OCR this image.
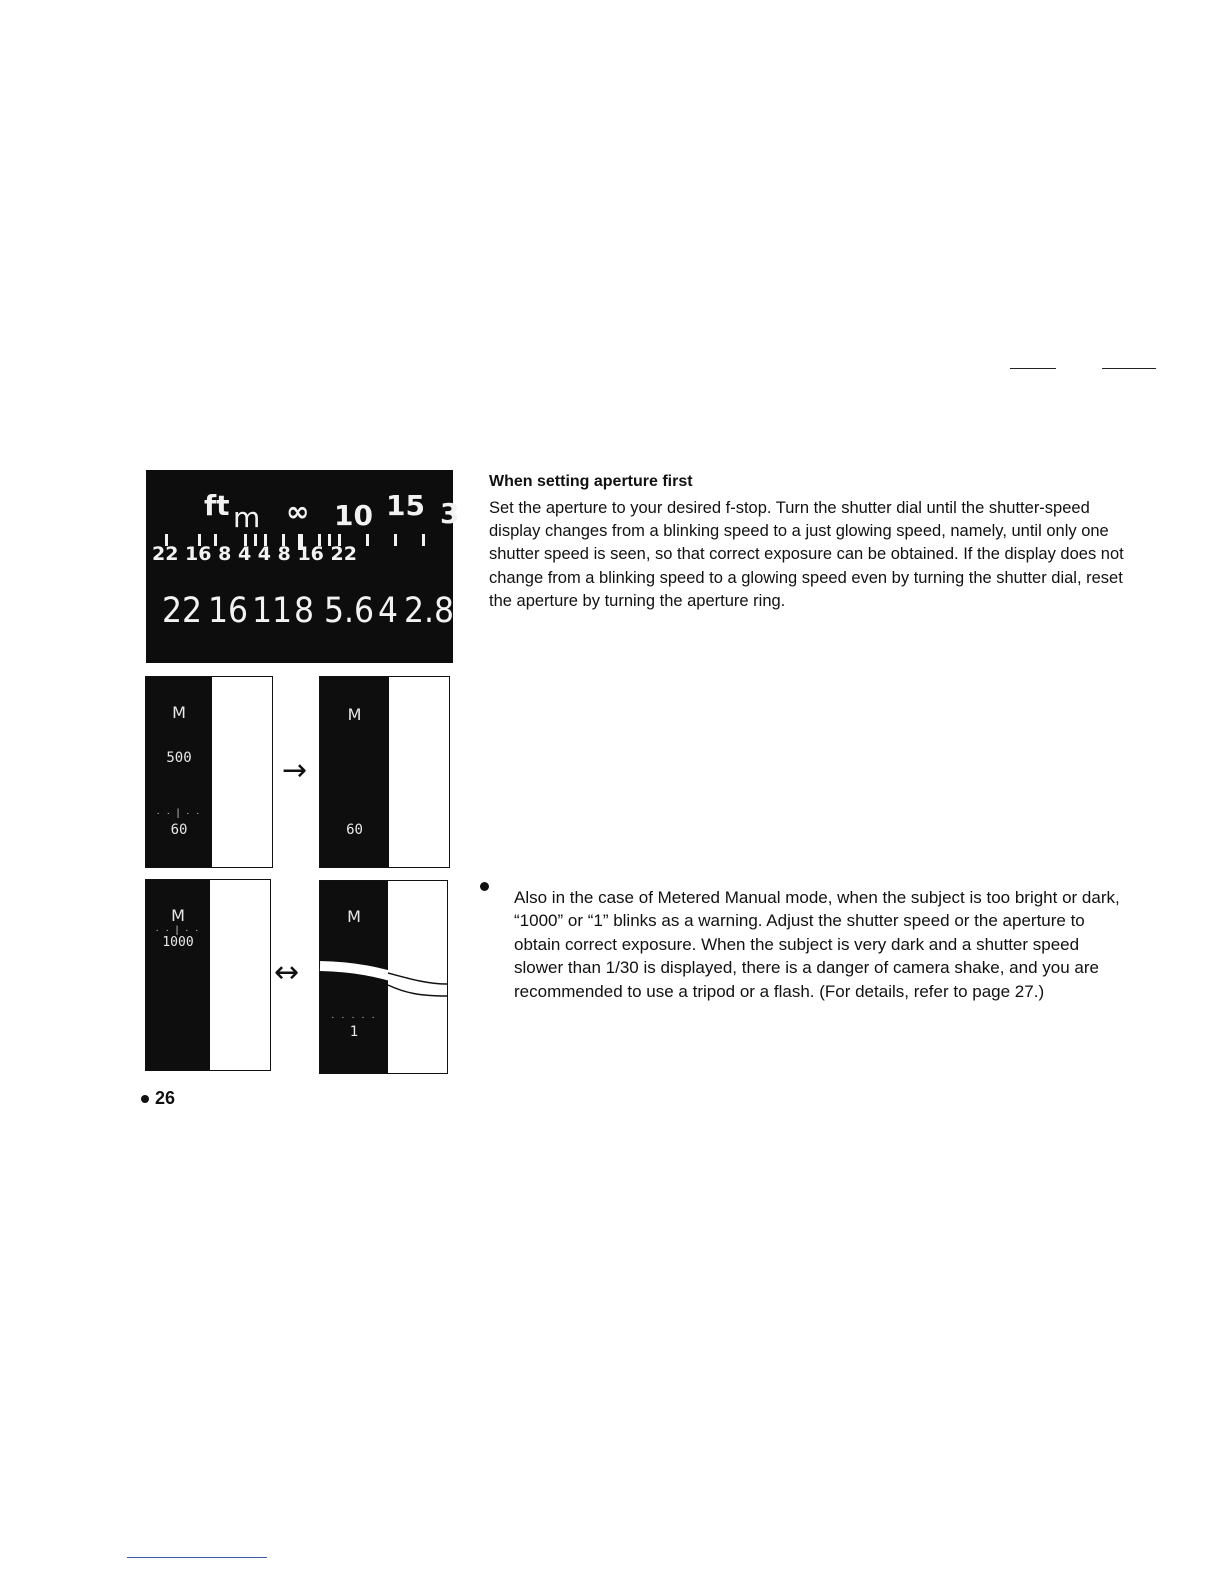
ft m ∞ 10 15 3
22 16 8 4 4 8 16 22
22 16 11 8 5.6 4 2.8
M
500
· · | · ·
60
→
M
60
M
· · | · ·
1000
↔
M
· · · · ·
1
When setting aperture first
Set the aperture to your desired f-stop. Turn the shutter dial until the shutter-speed display changes from a blinking speed to a just glowing speed, namely, until only one shutter speed is seen, so that correct exposure can be obtained. If the display does not change from a blinking speed to a glowing speed even by turning the shutter dial, reset the aperture by turning the aperture ring.
Also in the case of Metered Manual mode, when the subject is too bright or dark, “1000” or “1” blinks as a warning. Adjust the shutter speed or the aperture to obtain correct exposure. When the subject is very dark and a shutter speed slower than 1/30 is displayed, there is a danger of camera shake, and you are recommended to use a tripod or a flash. (For details, refer to page 27.)
26
